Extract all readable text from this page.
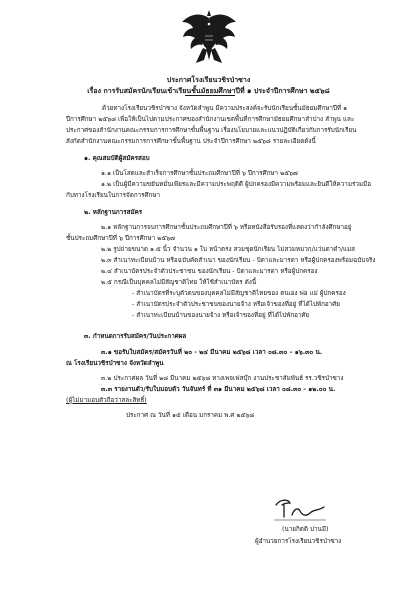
ประกาศโรงเรียนวชิรป่าซาง
เรื่อง การรับสมัครนักเรียนเข้าเรียนชั้นมัธยมศึกษาปีที่ ๑ ประจำปีการศึกษา ๒๕๖๘
ด้วยทางโรงเรียนวชิรป่าซาง จังหวัดลำพูน มีความประสงค์จะรับนักเรียนชั้นมัธยมศึกษาปีที่ ๑
ปีการศึกษา ๒๕๖๘ เพื่อให้เป็นไปตามประกาศของสำนักงานเขตพื้นที่การศึกษามัธยมศึกษาลำปาง ลำพูน และ
ประกาศของสำนักงานคณะกรรมการการศึกษาขั้นพื้นฐาน เรื่องนโยบายและแนวปฏิบัติเกี่ยวกับการรับนักเรียน
สังกัดสำนักงานคณะกรรมการการศึกษาขั้นพื้นฐาน ประจำปีการศึกษา ๒๕๖๘ รายละเอียดดังนี้
๑. คุณสมบัติผู้สมัครสอบ
๑.๑ เป็นโสดและสำเร็จการศึกษาชั้นประถมศึกษาปีที่ ๖ ปีการศึกษา ๒๕๖๗
๑.๒ เป็นผู้มีความขยันหมั่นเพียรและมีความประพฤติดี ผู้ปกครองมีความพร้อมและยินดีให้ความร่วมมือ
กับทางโรงเรียนในการจัดการศึกษา
๒. หลักฐานการสมัคร
๒.๑ หลักฐานการจบการศึกษาชั้นประถมศึกษาปีที่ ๖ หรือหนังสือรับรองที่แสดงว่ากำลังศึกษาอยู่
ชั้นประถมศึกษาปีที่ ๖ ปีการศึกษา ๒๕๖๗
๒.๒ รูปถ่ายขนาด ๑.๕ นิ้ว จำนวน ๑ ใบ หน้าตรง สวมชุดนักเรียน ไม่สวมหมวก/แว่นตาดำ/แมส
๒.๓ สำเนาทะเบียนบ้าน หรือฉบับคัดสำเนา ของนักเรียน - บิดาและมารดา หรือผู้ปกครองพร้อมฉบับจริง
๒.๔ สำเนาบัตรประจำตัวประชาชน ของนักเรียน - บิดาและมารดา หรือผู้ปกครอง
๒.๕ กรณีเป็นบุคคลไม่มีสัญชาติไทย ให้ใช้สำเนาบัตร ดังนี้
- สำเนาบัตรที่ระบุตัวตนของบุคคลไม่มีสัญชาติไทยของ ตนเอง พ่อ แม่ ผู้ปกครอง
- สำเนาบัตรประจำตัวประชาชนของนายจ้าง หรือเจ้าของที่อยู่ ที่ได้ไปพักอาศัย
- สำเนาทะเบียนบ้านของนายจ้าง หรือเจ้าของที่อยู่ ที่ได้ไปพักอาศัย
๓. กำหนดการรับสมัคร/วันประกาศผล
๓.๑ ขอรับใบสมัคร/สมัครวันที่ ๒๐ - ๒๔ มีนาคม ๒๕๖๘ เวลา ๐๘.๓๐ – ๑๖.๓๐ น.
ณ โรงเรียนวชิรป่าซาง จังหวัดลำพูน
๓.๒ ประกาศผล วันที่ ๒๘ มีนาคม ๒๕๖๘ ทางเพจเฟสบุ๊ก งานประชาสัมพันธ์ รร.วชิรป่าซาง
๓.๓ รายงานตัว/รับใบมอบตัว วันจันทร์ ที่ ๓๑ มีนาคม ๒๕๖๘ เวลา ๐๘.๓๐ - ๑๒.๐๐ น.
(ผู้ไม่มามอบตัวถือว่าสละสิทธิ์)
ประกาศ ณ วันที่ ๑๕ เดือน มกราคม พ.ศ ๒๕๖๘
(นายกิตติ ปานมี)
ผู้อำนวยการโรงเรียนวชิรป่าซาง
